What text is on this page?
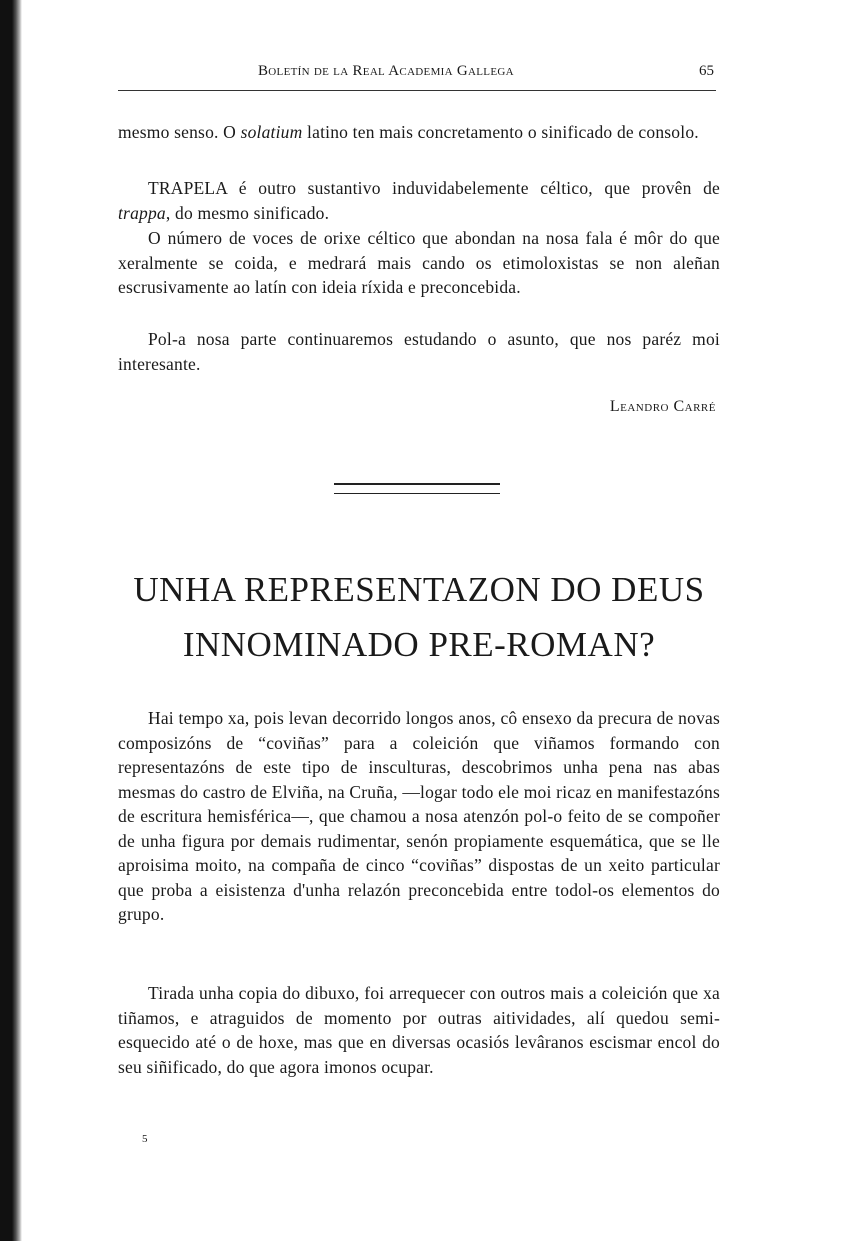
Boletín de la Real Academia Gallega	65

mesmo senso. O solatium latino ten mais concretamento o sinificado de consolo.

TRAPELA é outro sustantivo induvidabelemente céltico, que provên de trappa, do mesmo sinificado.

O número de voces de orixe céltico que abondan na nosa fala é môr do que xeralmente se coida, e medrará mais cando os etimoloxistas se non aleñan escrusivamente ao latín con ideia ríxida e preconcebida.

Pol-a nosa parte continuaremos estudando o asunto, que nos paréz moi interesante.

Leandro Carré
UNHA REPRESENTAZON DO DEUS
INNOMINADO PRE-ROMAN?

Hai tempo xa, pois levan decorrido longos anos, cô ensexo da precura de novas composizóns de “coviñas” para a coleición que viñamos formando con representazóns de este tipo de insculturas, descobrimos unha pena nas abas mesmas do castro de Elviña, na Cruña, —logar todo ele moi ricaz en manifestazóns de escritura hemisférica—, que chamou a nosa atenzón pol-o feito de se compoñer de unha figura por demais rudimentar, senón propiamente esquemática, que se lle aproisima moito, na compaña de cinco “coviñas” dispostas de un xeito particular que proba a eisistenza d'unha relazón preconcebida entre todol-os elementos do grupo.

Tirada unha copia do dibuxo, foi arrequecer con outros mais a coleición que xa tiñamos, e atraguidos de momento por outras aitividades, alí quedou semi-esquecido até o de hoxe, mas que en diversas ocasiós levâranos escismar encol do seu siñificado, do que agora imonos ocupar.

5
